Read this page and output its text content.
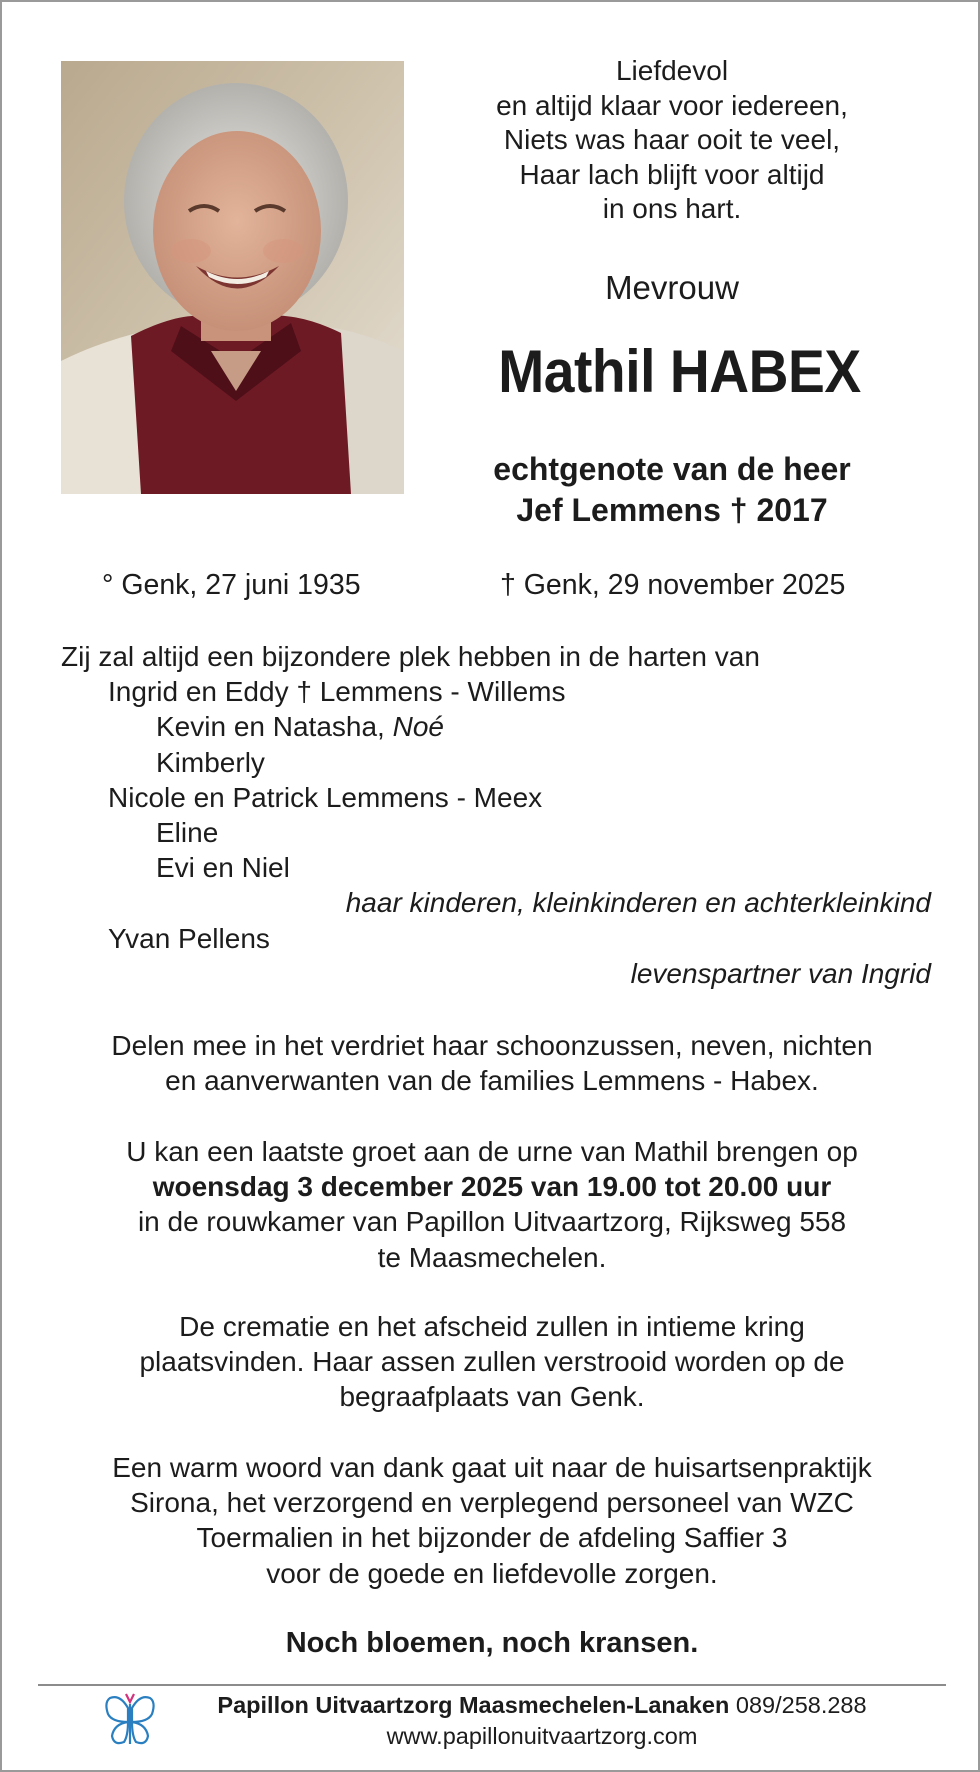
Liefdevol
en altijd klaar voor iedereen,
Niets was haar ooit te veel,
Haar lach blijft voor altijd
in ons hart.
Mevrouw
Mathil HABEX
echtgenote van de heer
Jef Lemmens † 2017
° Genk, 27 juni 1935	† Genk, 29 november 2025
Zij zal altijd een bijzondere plek hebben in de harten van
Ingrid en Eddy † Lemmens - Willems
Kevin en Natasha, Noé
Kimberly
Nicole en Patrick Lemmens - Meex
Eline
Evi en Niel
haar kinderen, kleinkinderen en achterkleinkind
Yvan Pellens
levenspartner van Ingrid
Delen mee in het verdriet haar schoonzussen, neven, nichten
en aanverwanten van de families Lemmens - Habex.
U kan een laatste groet aan de urne van Mathil brengen op
woensdag 3 december 2025 van 19.00 tot 20.00 uur
in de rouwkamer van Papillon Uitvaartzorg, Rijksweg 558
te Maasmechelen.
De crematie en het afscheid zullen in intieme kring
plaatsvinden. Haar assen zullen verstrooid worden op de
begraafplaats van Genk.
Een warm woord van dank gaat uit naar de huisartsenpraktijk
Sirona, het verzorgend en verplegend personeel van WZC
Toermalien in het bijzonder de afdeling Saffier 3
voor de goede en liefdevolle zorgen.
Noch bloemen, noch kransen.
Papillon Uitvaartzorg Maasmechelen-Lanaken 089/258.288
www.papillonuitvaartzorg.com
